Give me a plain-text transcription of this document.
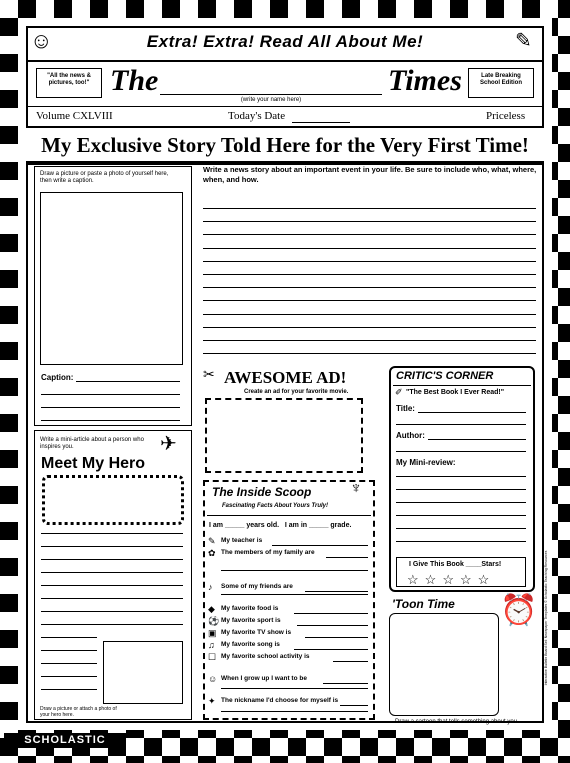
☺	Extra! Extra! Read All About Me!	✎
"All the news & pictures, too!" The	Times
(write your name here)
Late Breaking School Edition
Volume CXLVIII	Today's Date	Priceless
My Exclusive Story Told Here for the Very First Time!
Draw a picture or paste a photo of yourself here, then write a caption.
Caption:
Write a news story about an important event in your life. Be sure to include who, what, where, when, and how.
✂ AWESOME AD!
Create an ad for your favorite movie.
CRITIC'S CORNER
✐ "The Best Book I Ever Read!"
Title:
Author:
My Mini-review:
I Give This Book ____Stars!
☆ ☆ ☆ ☆ ☆
Write a mini-article about a person who inspires you.	✈
Meet My Hero
Draw a picture or attach a photo of your hero here.
The Inside Scoop ♆
Fascinating Facts About Yours Truly!
I am _____ years old.   I am in _____ grade.
✎ My teacher is
✿ The members of my family are
♪ Some of my friends are
◆ My favorite food is
⚽ My favorite sport is
▣ My favorite TV show is
♫ My favorite song is
☐ My favorite school activity is
☺ When I grow up I want to be
✦ The nickname I'd choose for myself is
'Toon Time ⏰
Draw a cartoon that tells something about you.
Interactive Bulletin Board Set: Newspaper Templates © Scholastic Teaching Resources
SCHOLASTIC
